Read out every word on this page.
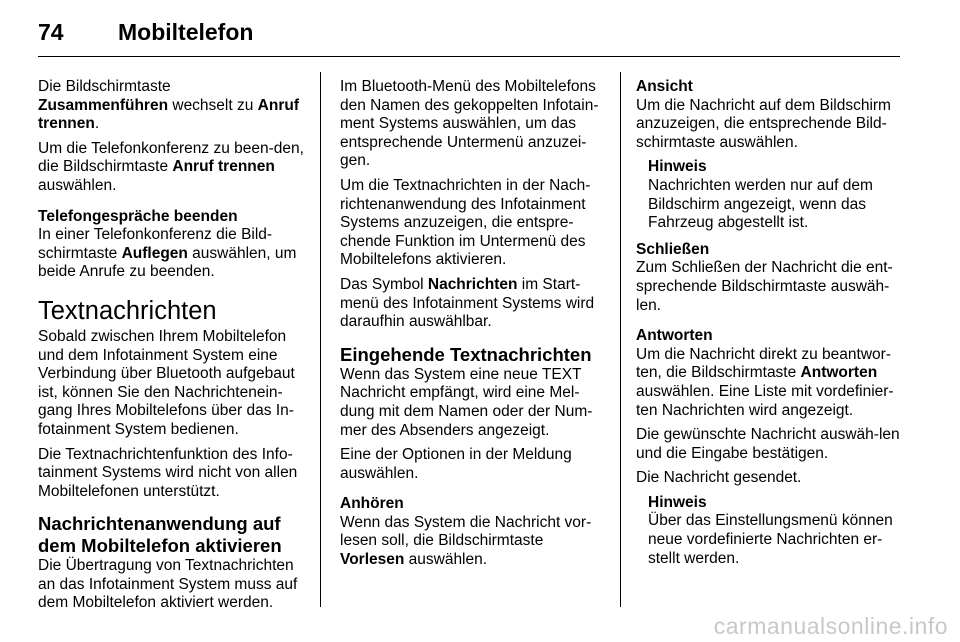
74	Mobiltelefon

Die Bildschirmtaste
Zusammenführen wechselt zu Anruf trennen.

Um die Telefonkonferenz zu been-den, die Bildschirmtaste Anruf trennen auswählen.

Telefongespräche beenden

In einer Telefonkonferenz die Bild-schirmtaste Auflegen auswählen, um beide Anrufe zu beenden.

Textnachrichten

Sobald zwischen Ihrem Mobiltelefon und dem Infotainment System eine Verbindung über Bluetooth aufgebaut ist, können Sie den Nachrichtenein-gang Ihres Mobiltelefons über das In-fotainment System bedienen.

Die Textnachrichtenfunktion des Info-tainment Systems wird nicht von allen Mobiltelefonen unterstützt.

Nachrichtenanwendung auf dem Mobiltelefon aktivieren

Die Übertragung von Textnachrichten an das Infotainment System muss auf dem Mobiltelefon aktiviert werden.

Im Bluetooth-Menü des Mobiltelefons den Namen des gekoppelten Infotain-ment Systems auswählen, um das entsprechende Untermenü anzuzei-gen.

Um die Textnachrichten in der Nach-richtenanwendung des Infotainment Systems anzuzeigen, die entspre-chende Funktion im Untermenü des Mobiltelefons aktivieren.

Das Symbol Nachrichten im Start-menü des Infotainment Systems wird daraufhin auswählbar.

Eingehende Textnachrichten

Wenn das System eine neue TEXT Nachricht empfängt, wird eine Mel-dung mit dem Namen oder der Num-mer des Absenders angezeigt.

Eine der Optionen in der Meldung auswählen.

Anhören

Wenn das System die Nachricht vor-lesen soll, die Bildschirmtaste Vorlesen auswählen.

Ansicht

Um die Nachricht auf dem Bildschirm anzuzeigen, die entsprechende Bild-schirmtaste auswählen.

Hinweis
Nachrichten werden nur auf dem Bildschirm angezeigt, wenn das Fahrzeug abgestellt ist.

Schließen

Zum Schließen der Nachricht die ent-sprechende Bildschirmtaste auswäh-len.

Antworten

Um die Nachricht direkt zu beantwor-ten, die Bildschirmtaste Antworten auswählen. Eine Liste mit vordefinier-ten Nachrichten wird angezeigt.

Die gewünschte Nachricht auswäh-len und die Eingabe bestätigen.

Die Nachricht gesendet.

Hinweis
Über das Einstellungsmenü können neue vordefinierte Nachrichten er-stellt werden.
carmanualsonline.info
